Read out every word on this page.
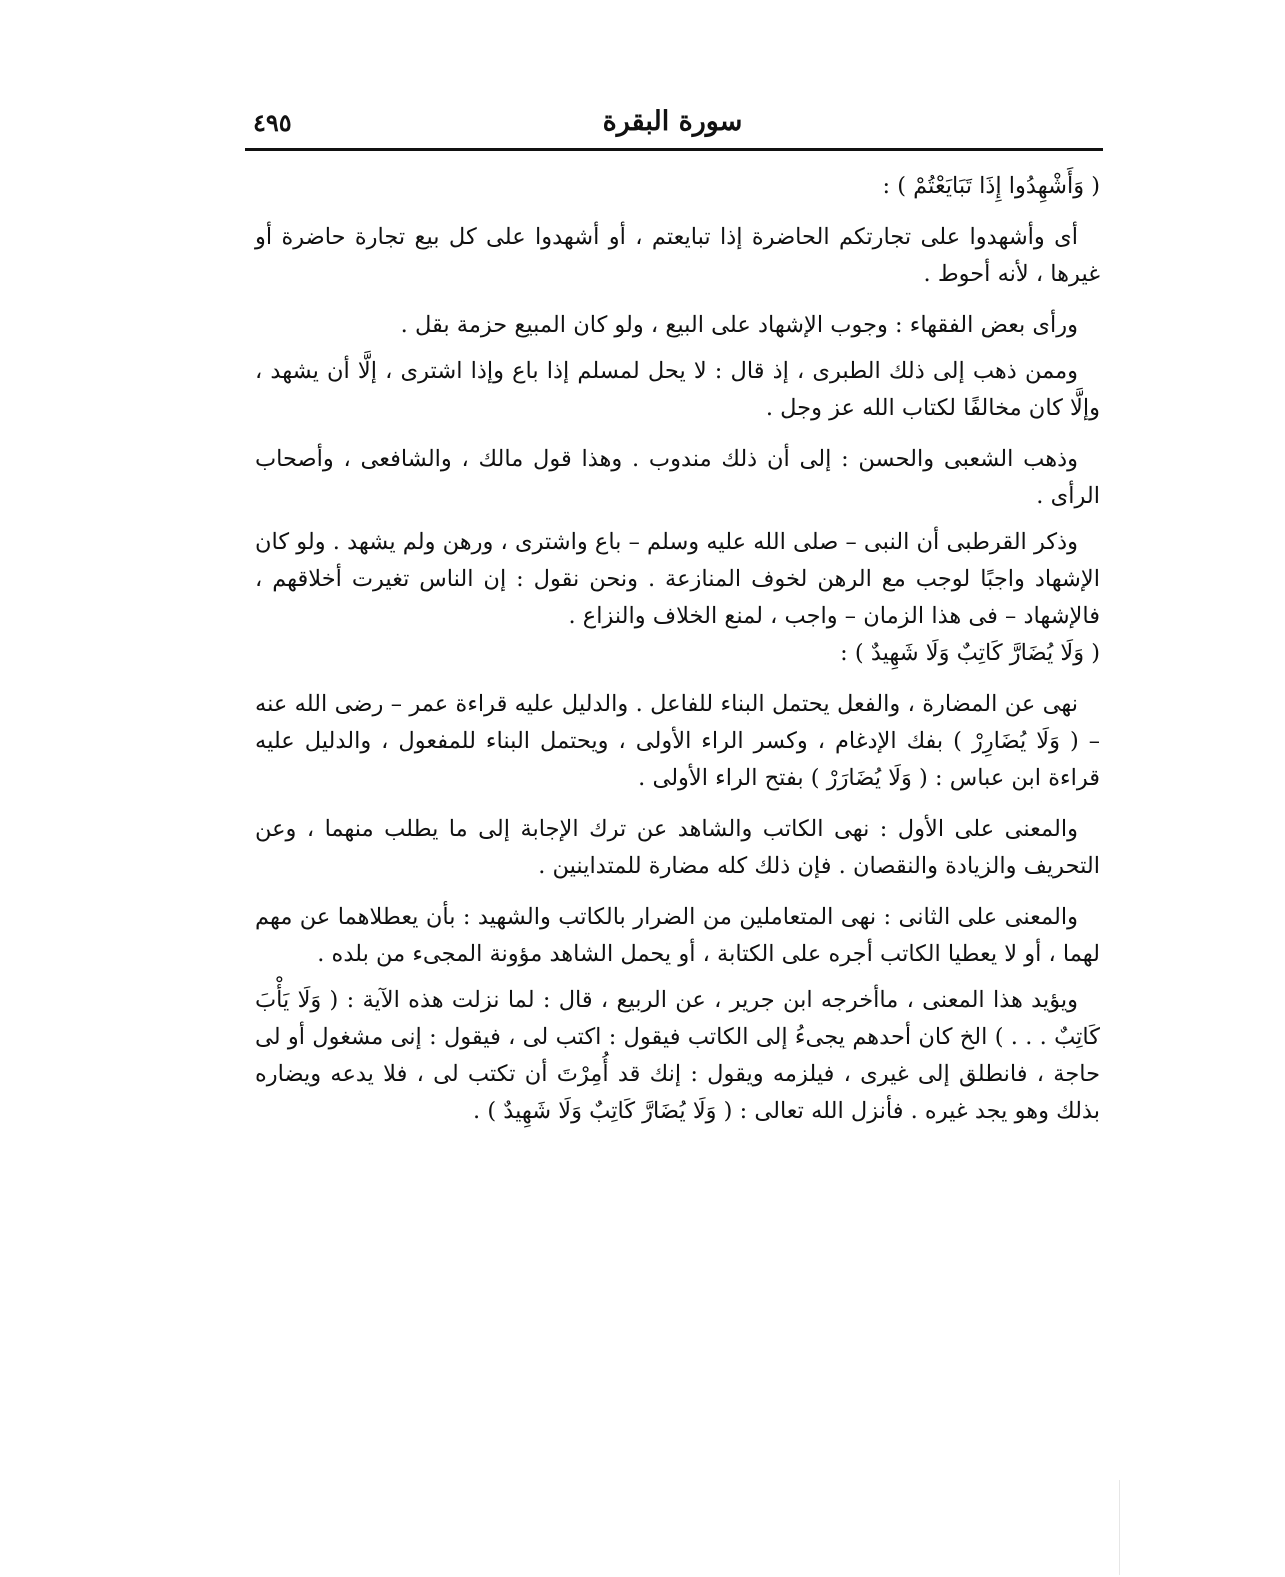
سورة البقرة
٤٩٥

( وَأَشْهِدُوا إِذَا تَبَايَعْتُمْ ) :

أى وأشهدوا على تجارتكم الحاضرة إذا تبايعتم ، أو أشهدوا على كل بيع تجارة حاضرة أو غيرها ، لأنه أحوط .

ورأى بعض الفقهاء : وجوب الإشهاد على البيع ، ولو كان المبيع حزمة بقل .

وممن ذهب إلى ذلك الطبرى ، إذ قال : لا يحل لمسلم إذا باع وإذا اشترى ، إلَّا أن يشهد ، وإلَّا كان مخالفًا لكتاب الله عز وجل .

وذهب الشعبى والحسن : إلى أن ذلك مندوب . وهذا قول مالك ، والشافعى ، وأصحاب الرأى .

وذكر القرطبى أن النبى – صلى الله عليه وسلم – باع واشترى ، ورهن ولم يشهد . ولو كان الإشهاد واجبًا لوجب مع الرهن لخوف المنازعة . ونحن نقول : إن الناس تغيرت أخلاقهم ، فالإشهاد – فى هذا الزمان – واجب ، لمنع الخلاف والنزاع .

( وَلَا يُضَارَّ كَاتِبٌ وَلَا شَهِيدٌ ) :

نهى عن المضارة ، والفعل يحتمل البناء للفاعل . والدليل عليه قراءة عمر – رضى الله عنه – ( وَلَا يُضَارِرْ ) بفك الإدغام ، وكسر الراء الأولى ، ويحتمل البناء للمفعول ، والدليل عليه قراءة ابن عباس : ( وَلَا يُضَارَرْ ) بفتح الراء الأولى .

والمعنى على الأول : نهى الكاتب والشاهد عن ترك الإجابة إلى ما يطلب منهما ، وعن التحريف والزيادة والنقصان . فإن ذلك كله مضارة للمتداينين .

والمعنى على الثانى : نهى المتعاملين من الضرار بالكاتب والشهيد : بأن يعطلاهما عن مهم لهما ، أو لا يعطيا الكاتب أجره على الكتابة ، أو يحمل الشاهد مؤونة المجىء من بلده .

ويؤيد هذا المعنى ، ماأخرجه ابن جرير ، عن الربيع ، قال : لما نزلت هذه الآية : ( وَلَا يَأْبَ كَاتِبٌ . . . ) الخ كان أحدهم يجىءُ إلى الكاتب فيقول : اكتب لى ، فيقول : إنى مشغول أو لى حاجة ، فانطلق إلى غيرى ، فيلزمه ويقول : إنك قد أُمِرْتَ أن تكتب لى ، فلا يدعه ويضاره بذلك وهو يجد غيره . فأنزل الله تعالى : ( وَلَا يُضَارَّ كَاتِبٌ وَلَا شَهِيدٌ ) .
